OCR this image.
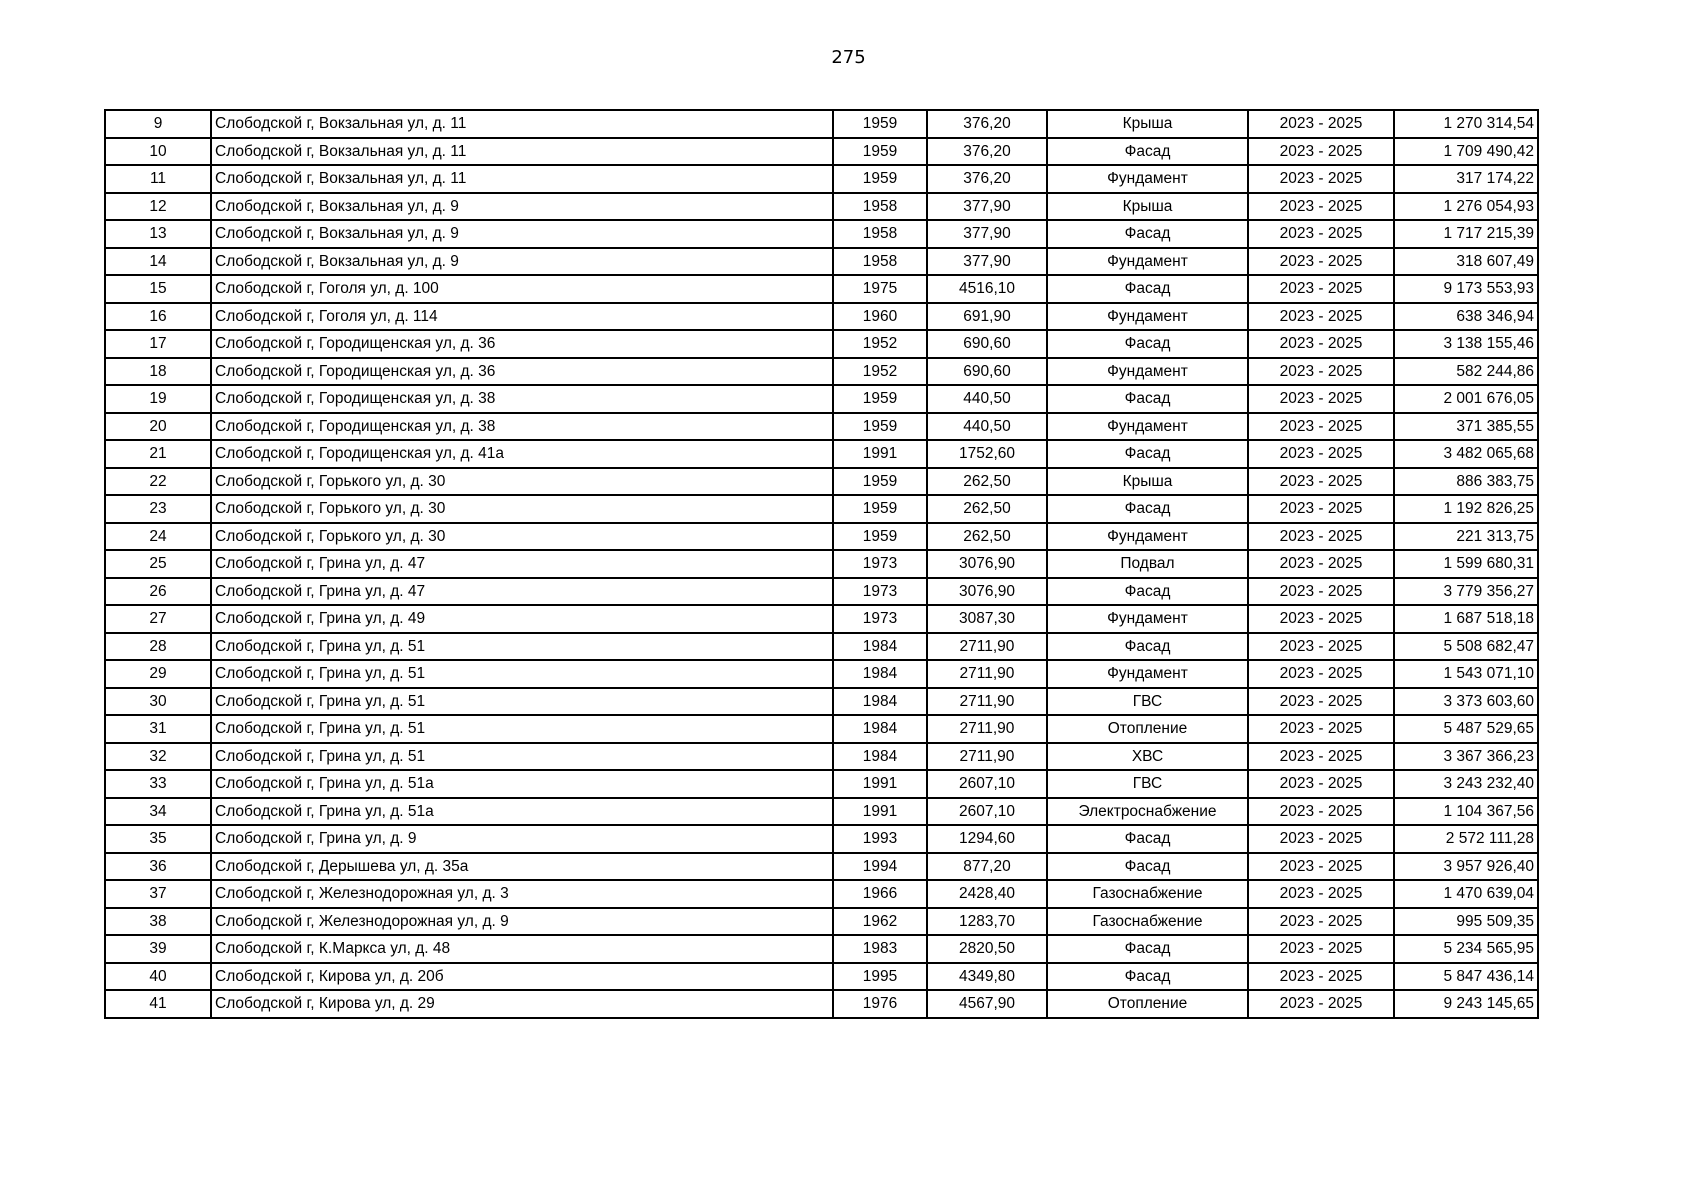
275
9	Слободской г, Вокзальная ул, д. 11	1959	376,20	Крыша	2023 - 2025	1 270 314,54
10	Слободской г, Вокзальная ул, д. 11	1959	376,20	Фасад	2023 - 2025	1 709 490,42
11	Слободской г, Вокзальная ул, д. 11	1959	376,20	Фундамент	2023 - 2025	317 174,22
12	Слободской г, Вокзальная ул, д. 9	1958	377,90	Крыша	2023 - 2025	1 276 054,93
13	Слободской г, Вокзальная ул, д. 9	1958	377,90	Фасад	2023 - 2025	1 717 215,39
14	Слободской г, Вокзальная ул, д. 9	1958	377,90	Фундамент	2023 - 2025	318 607,49
15	Слободской г, Гоголя ул, д. 100	1975	4516,10	Фасад	2023 - 2025	9 173 553,93
16	Слободской г, Гоголя ул, д. 114	1960	691,90	Фундамент	2023 - 2025	638 346,94
17	Слободской г, Городищенская ул, д. 36	1952	690,60	Фасад	2023 - 2025	3 138 155,46
18	Слободской г, Городищенская ул, д. 36	1952	690,60	Фундамент	2023 - 2025	582 244,86
19	Слободской г, Городищенская ул, д. 38	1959	440,50	Фасад	2023 - 2025	2 001 676,05
20	Слободской г, Городищенская ул, д. 38	1959	440,50	Фундамент	2023 - 2025	371 385,55
21	Слободской г, Городищенская ул, д. 41а	1991	1752,60	Фасад	2023 - 2025	3 482 065,68
22	Слободской г, Горького ул, д. 30	1959	262,50	Крыша	2023 - 2025	886 383,75
23	Слободской г, Горького ул, д. 30	1959	262,50	Фасад	2023 - 2025	1 192 826,25
24	Слободской г, Горького ул, д. 30	1959	262,50	Фундамент	2023 - 2025	221 313,75
25	Слободской г, Грина ул, д. 47	1973	3076,90	Подвал	2023 - 2025	1 599 680,31
26	Слободской г, Грина ул, д. 47	1973	3076,90	Фасад	2023 - 2025	3 779 356,27
27	Слободской г, Грина ул, д. 49	1973	3087,30	Фундамент	2023 - 2025	1 687 518,18
28	Слободской г, Грина ул, д. 51	1984	2711,90	Фасад	2023 - 2025	5 508 682,47
29	Слободской г, Грина ул, д. 51	1984	2711,90	Фундамент	2023 - 2025	1 543 071,10
30	Слободской г, Грина ул, д. 51	1984	2711,90	ГВС	2023 - 2025	3 373 603,60
31	Слободской г, Грина ул, д. 51	1984	2711,90	Отопление	2023 - 2025	5 487 529,65
32	Слободской г, Грина ул, д. 51	1984	2711,90	ХВС	2023 - 2025	3 367 366,23
33	Слободской г, Грина ул, д. 51а	1991	2607,10	ГВС	2023 - 2025	3 243 232,40
34	Слободской г, Грина ул, д. 51а	1991	2607,10	Электроснабжение	2023 - 2025	1 104 367,56
35	Слободской г, Грина ул, д. 9	1993	1294,60	Фасад	2023 - 2025	2 572 111,28
36	Слободской г, Дерышева ул, д. 35а	1994	877,20	Фасад	2023 - 2025	3 957 926,40
37	Слободской г, Железнодорожная ул, д. 3	1966	2428,40	Газоснабжение	2023 - 2025	1 470 639,04
38	Слободской г, Железнодорожная ул, д. 9	1962	1283,70	Газоснабжение	2023 - 2025	995 509,35
39	Слободской г, К.Маркса ул, д. 48	1983	2820,50	Фасад	2023 - 2025	5 234 565,95
40	Слободской г, Кирова ул, д. 20б	1995	4349,80	Фасад	2023 - 2025	5 847 436,14
41	Слободской г, Кирова ул, д. 29	1976	4567,90	Отопление	2023 - 2025	9 243 145,65
